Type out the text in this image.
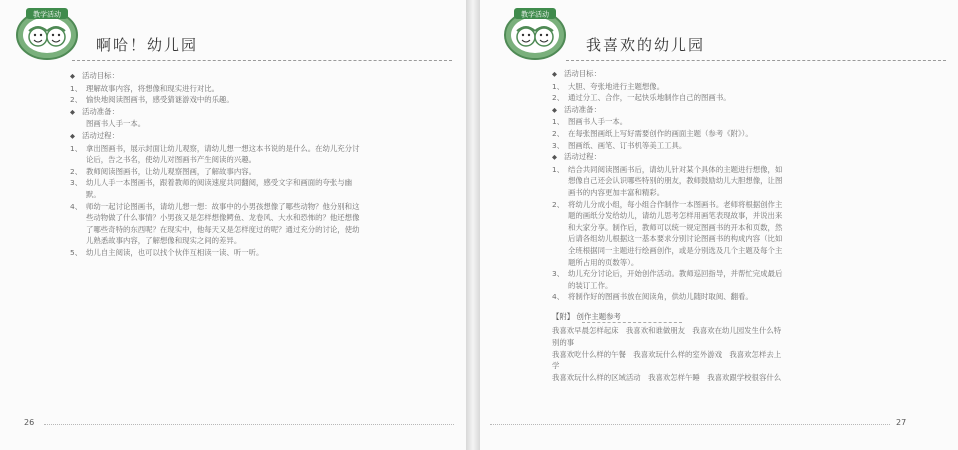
教学活动
啊哈！幼儿园
◆ 活动目标：
1、 理解故事内容，将想像和现实进行对比。
2、 愉快地阅读图画书，感受猜谜游戏中的乐趣。
◆ 活动准备：
图画书人手一本。
◆ 活动过程：
1、 拿出图画书，展示封面让幼儿观察，请幼儿想一想这本书说的是什么。在幼儿充分讨论后，告之书名，使幼儿对图画书产生阅读的兴趣。
2、 教师阅读图画书，让幼儿观察图画，了解故事内容。
3、 幼儿人手一本图画书，跟着教师的阅读速度共同翻阅，感受文字和画面的夸张与幽默。
4、 师幼一起讨论图画书，请幼儿想一想：故事中的小男孩想像了哪些动物？他分别和这些动物做了什么事情？小男孩又是怎样想像鳄鱼、龙卷风、大水和恐怖的？他还想像了哪些奇特的东西呢？在现实中，他每天又是怎样度过的呢？通过充分的讨论，使幼儿熟悉故事内容，了解想像和现实之间的差异。
5、 幼儿自主阅读，也可以找个伙伴互相读一读、听一听。
26
教学活动
我喜欢的幼儿园
◆ 活动目标：
1、 大胆、夸张地进行主题想像。
2、 通过分工、合作，一起快乐地制作自己的图画书。
◆ 活动准备：
1、 图画书人手一本。
2、 在每张图画纸上写好需要创作的画面主题（参考《附》）。
3、 图画纸、画笔、订书机等美工工具。
◆ 活动过程：
1、 结合共同阅读图画书后，请幼儿针对某个具体的主题进行想像，如想像自己还会认识哪些特别的朋友，教师鼓励幼儿大胆想像，让图画书的内容更加丰富和精彩。
2、 将幼儿分成小组，每小组合作制作一本图画书。老师将根据创作主题的画纸分发给幼儿，请幼儿思考怎样用画笔表现故事，并说出来和大家分享。制作后，教师可以统一规定图画书的开本和页数，然后请各组幼儿根据这一基本要求分别讨论图画书的构成内容（比如全班根据同一主题进行绘画创作，或是分别选及几个主题及每个主题所占用的页数等）。
3、 幼儿充分讨论后，开始创作活动。教师巡回指导，并帮忙完成最后的装订工作。
4、 将制作好的图画书放在阅读角，供幼儿随时取阅、翻看。
【附】 创作主题参考
我喜欢早晨怎样起床　我喜欢和谁做朋友　我喜欢在幼儿园发生什么特别的事
我喜欢吃什么样的午餐　我喜欢玩什么样的室外游戏　我喜欢怎样去上学
我喜欢玩什么样的区域活动　我喜欢怎样午睡　我喜欢跟学校很容什么
27
